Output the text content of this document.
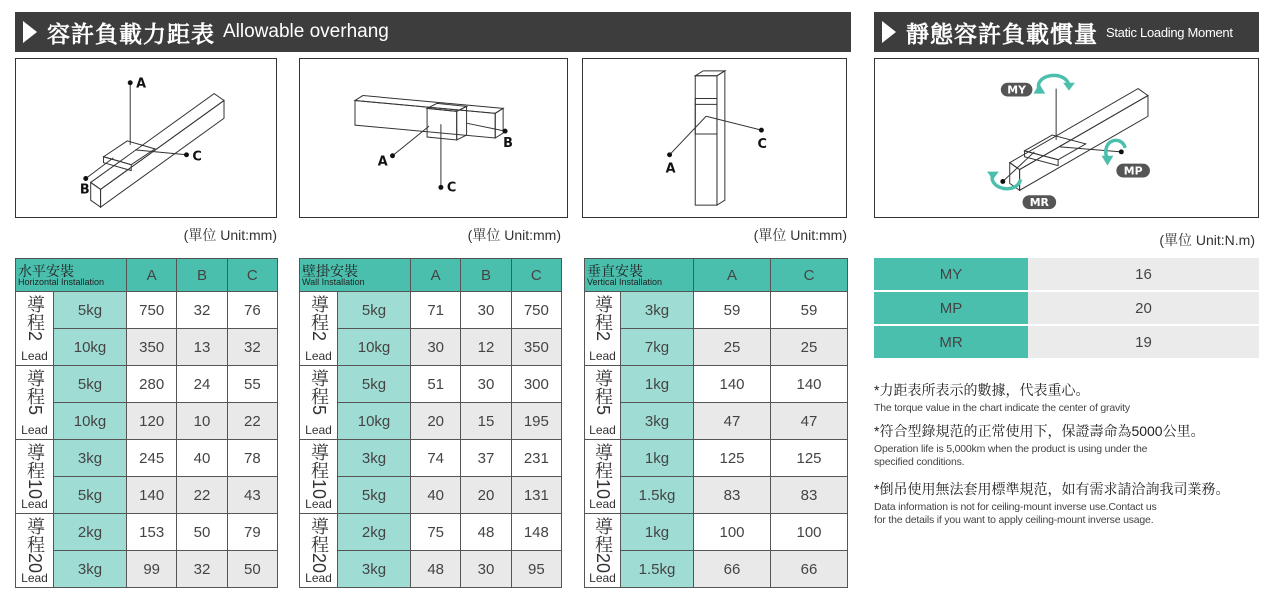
容許負載力距表 Allowable overhang	靜態容許負載慣量 Static Loading Moment
A
C
B	C
A
B
A
C
MY
MP
MR
(單位 Unit:mm)	(單位 Unit:mm)	(單位 Unit:mm)	(單位 Unit:N.m)
水平安裝
Horizontal Installation		A	B	C
導程2
Lead	5kg	750	32	76
	10kg	350	13	32
導程5
Lead	5kg	280	24	55
	10kg	120	10	22
導程10
Lead	3kg	245	40	78
	5kg	140	22	43
導程20
Lead	2kg	153	50	79
	3kg	99	32	50
壁掛安裝
Wall Installation		A	B	C
導程2
Lead	5kg	71	30	750
	10kg	30	12	350
導程5
Lead	5kg	51	30	300
	10kg	20	15	195
導程10
Lead	3kg	74	37	231
	5kg	40	20	131
導程20
Lead	2kg	75	48	148
	3kg	48	30	95
垂直安裝
Vertical Installation		A	C
導程2
Lead	3kg	59	59
	7kg	25	25
導程5
Lead	1kg	140	140
	3kg	47	47
導程10
Lead	1kg	125	125
	1.5kg	83	83
導程20
Lead	1kg	100	100
	1.5kg	66	66
MY	16
MP	20
MR	19
*力距表所表示的數據，代表重心。
The torque value in the chart indicate the center of gravity
*符合型錄規范的正常使用下，保證壽命為5000公里。
Operation life is 5,000km when the product is using under the
specified conditions.
*倒吊使用無法套用標準規范，如有需求請洽詢我司業務。
Data information is not for ceiling-mount inverse use.Contact us
for the details if you want to apply ceiling-mount inverse usage.
